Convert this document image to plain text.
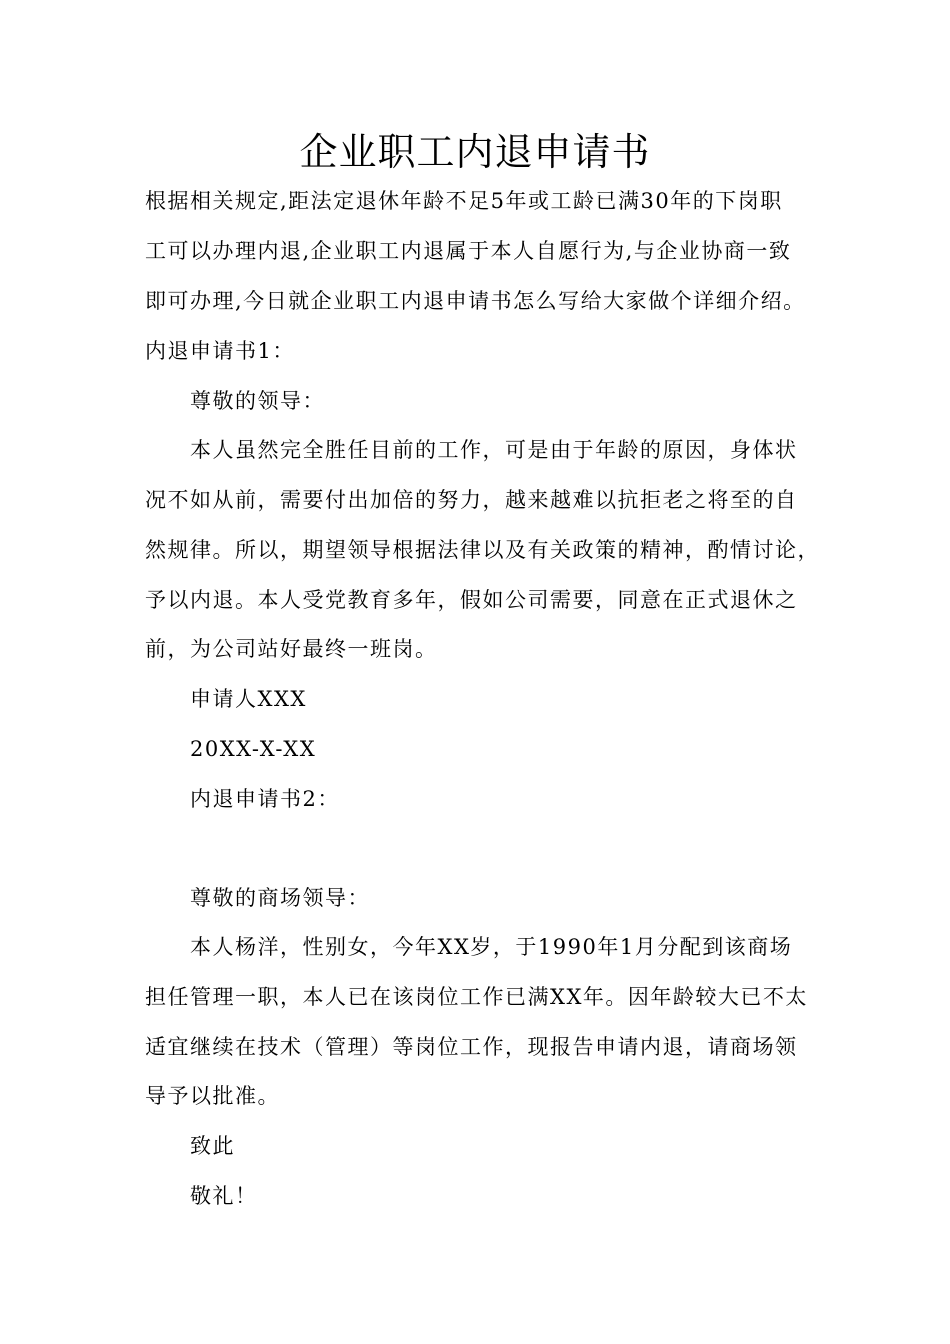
企业职工内退申请书
根据相关规定,距法定退休年龄不足5年或工龄已满30年的下岗职
工可以办理内退,企业职工内退属于本人自愿行为,与企业协商一致
即可办理,今日就企业职工内退申请书怎么写给大家做个详细介绍。
内退申请书1：
尊敬的领导：
本人虽然完全胜任目前的工作，可是由于年龄的原因，身体状
况不如从前，需要付出加倍的努力，越来越难以抗拒老之将至的自
然规律。所以，期望领导根据法律以及有关政策的精神，酌情讨论，
予以内退。本人受党教育多年，假如公司需要，同意在正式退休之
前，为公司站好最终一班岗。
申请人XXX
20XX-X-XX
内退申请书2：
尊敬的商场领导：
本人杨洋，性别女，今年XX岁，于1990年1月分配到该商场
担任管理一职，本人已在该岗位工作已满XX年。因年龄较大已不太
适宜继续在技术（管理）等岗位工作，现报告申请内退，请商场领
导予以批准。
致此
敬礼！
